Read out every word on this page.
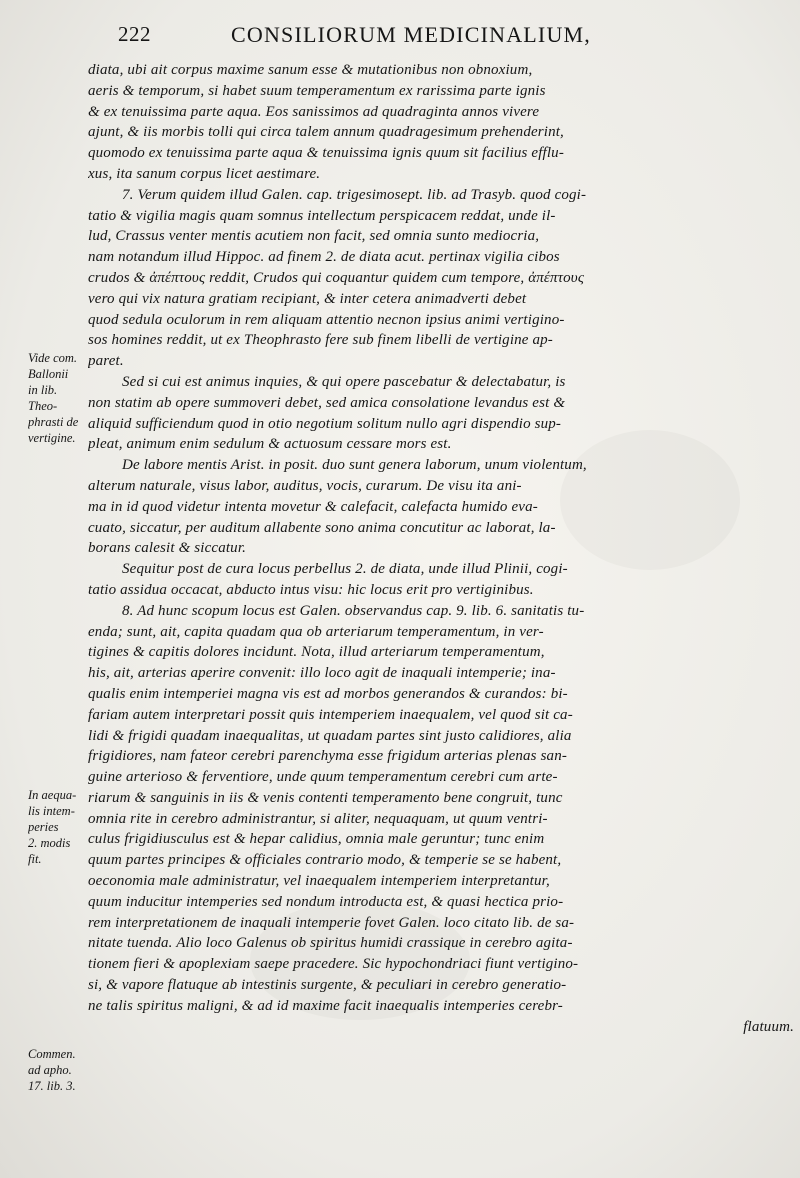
222	CONSILIORUM MEDICINALIUM,
diata, ubi ait corpus maxime sanum esse & mutationibus non obnoxium,
aeris & temporum, si habet suum temperamentum ex rarissima parte ignis
& ex tenuissima parte aqua. Eos sanissimos ad quadraginta annos vivere
ajunt, & iis morbis tolli qui circa talem annum quadragesimum prehenderint,
quomodo ex tenuissima parte aqua & tenuissima ignis quum sit facilius efflu-
xus, ita sanum corpus licet aestimare.
7. Verum quidem illud Galen. cap. trigesimosept. lib. ad Trasyb. quod cogi-
tatio & vigilia magis quam somnus intellectum perspicacem reddat, unde il-
lud, Crassus venter mentis acutiem non facit, sed omnia sunto mediocria,
nam notandum illud Hippoc. ad finem 2. de diata acut. pertinax vigilia cibos
crudos & ἀπέπτους reddit, Crudos qui coquantur quidem cum tempore, ἀπέπτους
vero qui vix natura gratiam recipiant, & inter cetera animadverti debet
quod sedula oculorum in rem aliquam attentio necnon ipsius animi vertigino-
sos homines reddit, ut ex Theophrasto fere sub finem libelli de vertigine ap-
paret.
Sed si cui est animus inquies, & qui opere pascebatur & delectabatur, is
non statim ab opere summoveri debet, sed amica consolatione levandus est &
aliquid sufficiendum quod in otio negotium solitum nullo agri dispendio sup-
pleat, animum enim sedulum & actuosum cessare mors est.
De labore mentis Arist. in posit. duo sunt genera laborum, unum violentum,
alterum naturale, visus labor, auditus, vocis, curarum. De visu ita ani-
ma in id quod videtur intenta movetur & calefacit, calefacta humido eva-
cuato, siccatur, per auditum allabente sono anima concutitur ac laborat, la-
borans calesit & siccatur.
Sequitur post de cura locus perbellus 2. de diata, unde illud Plinii, cogi-
tatio assidua occacat, abducto intus visu: hic locus erit pro vertiginibus.
8. Ad hunc scopum locus est Galen. observandus cap. 9. lib. 6. sanitatis tu-
enda; sunt, ait, capita quadam qua ob arteriarum temperamentum, in ver-
tigines & capitis dolores incidunt. Nota, illud arteriarum temperamentum,
his, ait, arterias aperire convenit: illo loco agit de inaquali intemperie; ina-
qualis enim intemperiei magna vis est ad morbos generandos & curandos: bi-
fariam autem interpretari possit quis intemperiem inaequalem, vel quod sit ca-
lidi & frigidi quadam inaequalitas, ut quadam partes sint justo calidiores, alia
frigidiores, nam fateor cerebri parenchyma esse frigidum arterias plenas san-
guine arterioso & ferventiore, unde quum temperamentum cerebri cum arte-
riarum & sanguinis in iis & venis contenti temperamento bene congruit, tunc
omnia rite in cerebro administrantur, si aliter, nequaquam, ut quum ventri-
culus frigidiusculus est & hepar calidius, omnia male geruntur; tunc enim
quum partes principes & officiales contrario modo, & temperie se se habent,
oeconomia male administratur, vel inaequalem intemperiem interpretantur,
quum inducitur intemperies sed nondum introducta est, & quasi hectica prio-
rem interpretationem de inaquali intemperie fovet Galen. loco citato lib. de sa-
nitate tuenda. Alio loco Galenus ob spiritus humidi crassique in cerebro agita-
tionem fieri & apoplexiam saepe pracedere. Sic hypochondriaci fiunt vertigino-
si, & vapore flatuque ab intestinis surgente, & peculiari in cerebro generatio-
ne talis spiritus maligni, & ad id maxime facit inaequalis intemperies cerebr-
flatuum.
Vide com.
Ballonii
in lib.
Theo-
phrasti de
vertigine.
In aequa-
lis intem-
peries
2. modis
fit.
Commen.
ad apho.
17. lib. 3.
